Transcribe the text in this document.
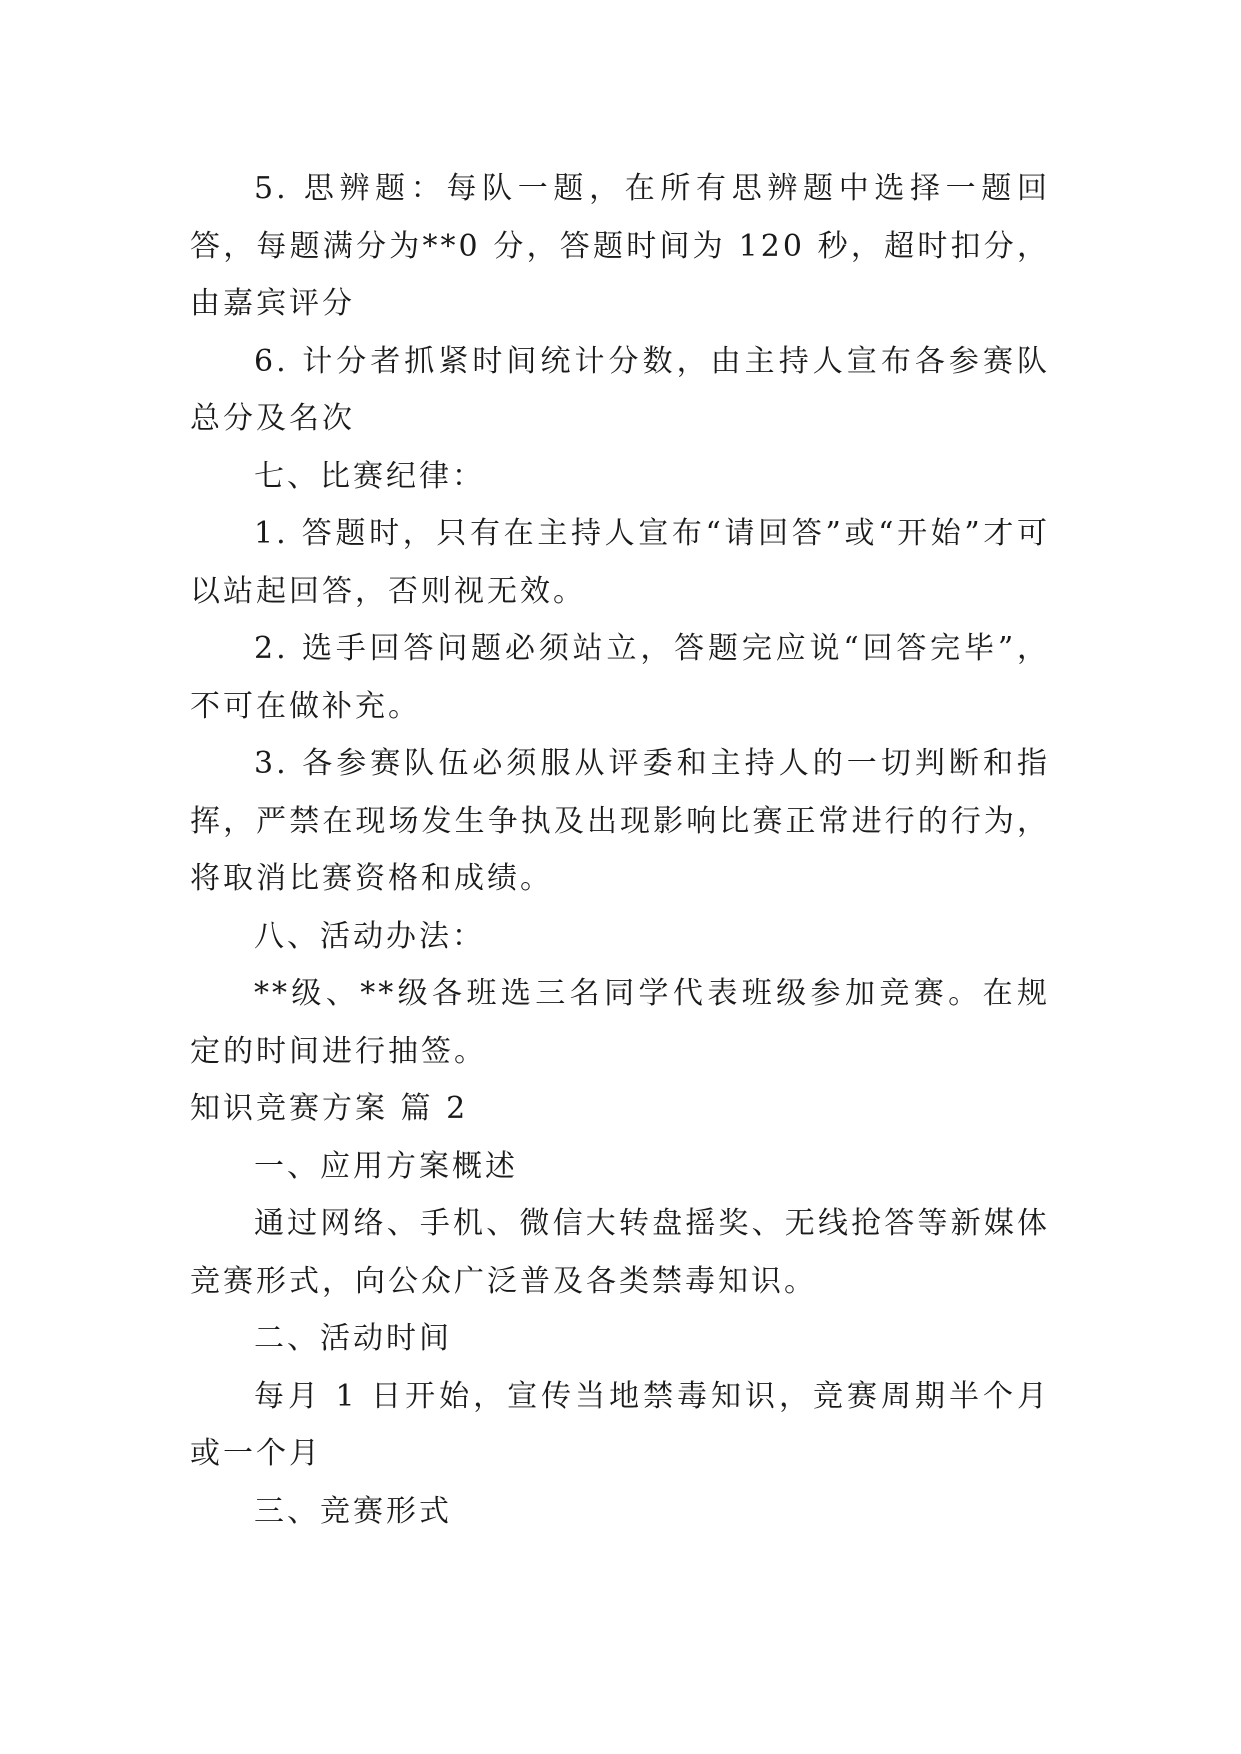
5. 思辨题：每队一题，在所有思辨题中选择一题回答，每题满分为**0 分，答题时间为 120 秒，超时扣分，由嘉宾评分

6. 计分者抓紧时间统计分数，由主持人宣布各参赛队总分及名次

七、比赛纪律：

1. 答题时，只有在主持人宣布“请回答”或“开始”才可以站起回答，否则视无效。

2. 选手回答问题必须站立，答题完应说“回答完毕”，不可在做补充。

3. 各参赛队伍必须服从评委和主持人的一切判断和指挥，严禁在现场发生争执及出现影响比赛正常进行的行为，将取消比赛资格和成绩。

八、活动办法：

**级、**级各班选三名同学代表班级参加竞赛。在规定的时间进行抽签。

知识竞赛方案 篇 2

一、应用方案概述

通过网络、手机、微信大转盘摇奖、无线抢答等新媒体竞赛形式，向公众广泛普及各类禁毒知识。

二、活动时间

每月 1 日开始，宣传当地禁毒知识，竞赛周期半个月或一个月

三、竞赛形式
